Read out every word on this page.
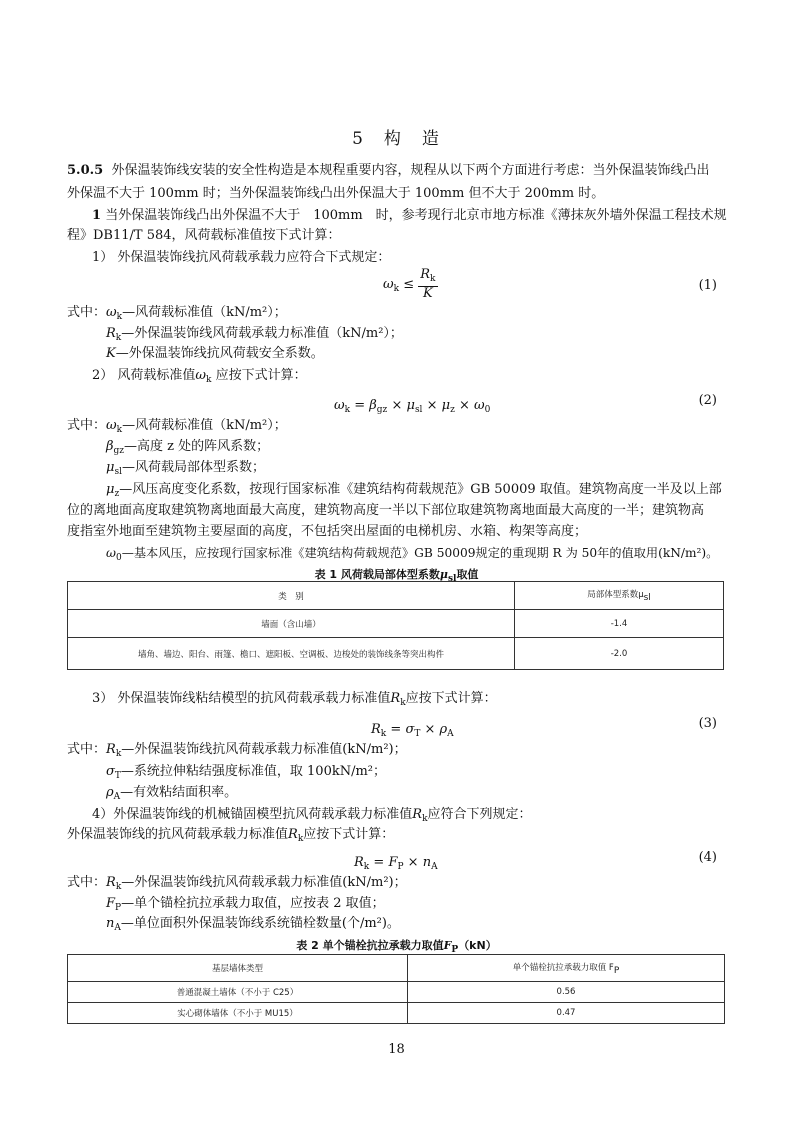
5　构　造
5.0.5 外保温装饰线安装的安全性构造是本规程重要内容，规程从以下两个方面进行考虑：当外保温装饰线凸出
外保温不大于 100mm 时；当外保温装饰线凸出外保温大于 100mm 但不大于 200mm 时。
1 当外保温装饰线凸出外保温不大于　100mm　时，参考现行北京市地方标准《薄抹灰外墙外保温工程技术规
程》DB11/T 584，风荷载标准值按下式计算：
1） 外保温装饰线抗风荷载承载力应符合下式规定：
$\omega_k \le \frac{R_k}{K}$	(1)
式中：$\omega_k—$风荷载标准值（kN/m²）；
$R_k—$外保温装饰线风荷载承载力标准值（kN/m²）；
K—外保温装饰线抗风荷载安全系数。
2） 风荷载标准值$\omega_k$ 应按下式计算：
$\omega_k = \beta_{gz} \times \mu_{sl} \times \mu_z \times \omega_0$
(2)
式中：$\omega_k—$风荷载标准值（kN/m²）；
$\beta_{gz}—$高度 z 处的阵风系数；
$\mu_{sl}—$风荷载局部体型系数；
$\mu_z—$风压高度变化系数，按现行国家标准《建筑结构荷载规范》GB 50009 取值。建筑物高度一半及以上部
位的离地面高度取建筑物离地面最大高度，建筑物高度一半以下部位取建筑物离地面最大高度的一半；建筑物高
度指室外地面至建筑物主要屋面的高度，不包括突出屋面的电梯机房、水箱、构架等高度；
$\omega_0—$基本风压，应按现行国家标准《建筑结构荷载规范》GB 50009规定的重现期 R 为 50年的值取用(kN/m²)。
表 1 风荷载局部体型系数$\mu_{sl}$取值
类　别	局部体型系数μsl
墙面（含山墙）	-1.4
墙角、墙边、阳台、雨篷、檐口、遮阳板、空调板、边梭处的装饰线条等突出构件	-2.0
3） 外保温装饰线粘结模型的抗风荷载承载力标准值$R_k$应按下式计算：
$R_k = \sigma_T \times \rho_A$
(3)
式中：$R_k—$外保温装饰线抗风荷载承载力标准值(kN/m²)；
$\sigma_T—$系统拉伸粘结强度标准值，取 100kN/m²；
$\rho_A—$有效粘结面积率。
4）外保温装饰线的机械锚固模型抗风荷载承载力标准值$R_k$应符合下列规定：
外保温装饰线的抗风荷载承载力标准值$R_k$应按下式计算：
$R_k = F_P \times n_A$
(4)
式中：$R_k—$外保温装饰线抗风荷载承载力标准值(kN/m²)；
$F_P—$单个锚栓抗拉承载力取值，应按表 2 取值；
$n_A—$单位面积外保温装饰线系统锚栓数量(个/m²)。
表 2 单个锚栓抗拉承载力取值$F_P(kN)$
基层墙体类型	单个锚栓抗拉承载力取值 FP
普通混凝土墙体（不小于 C25）	0.56
实心砌体墙体（不小于 MU15）	0.47
18
